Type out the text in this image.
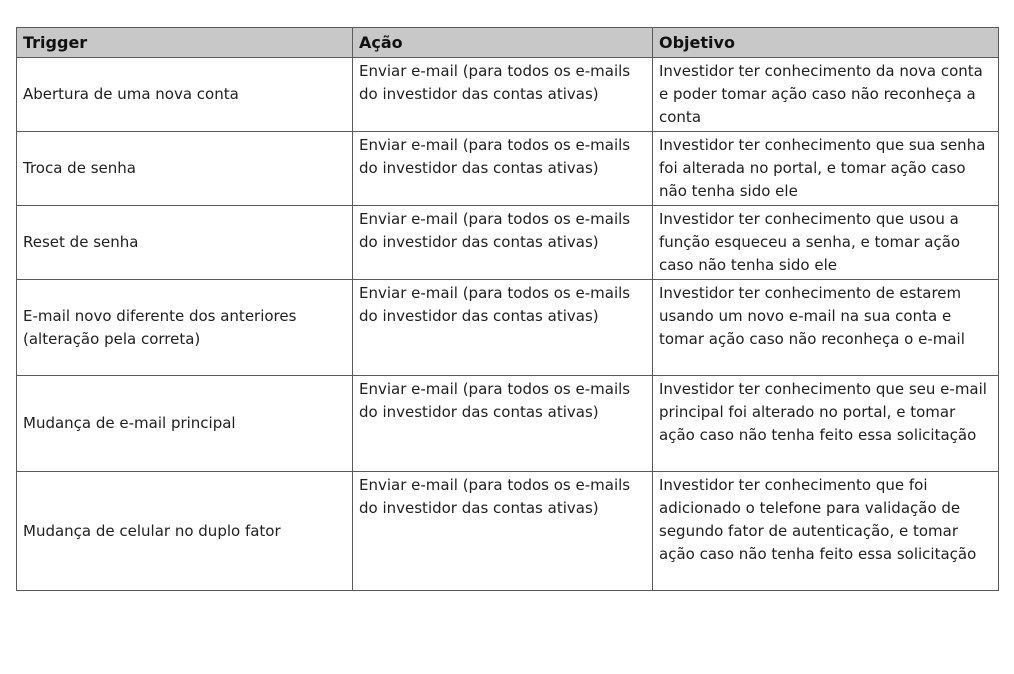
Trigger	Ação	Objetivo
Abertura de uma nova conta	Enviar e-mail (para todos os e-mails do investidor das contas ativas)	Investidor ter conhecimento da nova conta e poder tomar ação caso não reconheça a conta
Troca de senha	Enviar e-mail (para todos os e-mails do investidor das contas ativas)	Investidor ter conhecimento que sua senha foi alterada no portal, e tomar ação caso não tenha sido ele
Reset de senha	Enviar e-mail (para todos os e-mails do investidor das contas ativas)	Investidor ter conhecimento que usou a função esqueceu a senha, e tomar ação caso não tenha sido ele
E-mail novo diferente dos anteriores (alteração pela correta)	Enviar e-mail (para todos os e-mails do investidor das contas ativas)	Investidor ter conhecimento de estarem usando um novo e-mail na sua conta e tomar ação caso não reconheça o e-mail
Mudança de e-mail principal	Enviar e-mail (para todos os e-mails do investidor das contas ativas)	Investidor ter conhecimento que seu e-mail principal foi alterado no portal, e tomar ação caso não tenha feito essa solicitação
Mudança de celular no duplo fator	Enviar e-mail (para todos os e-mails do investidor das contas ativas)	Investidor ter conhecimento que foi adicionado o telefone para validação de segundo fator de autenticação, e tomar ação caso não tenha feito essa solicitação
